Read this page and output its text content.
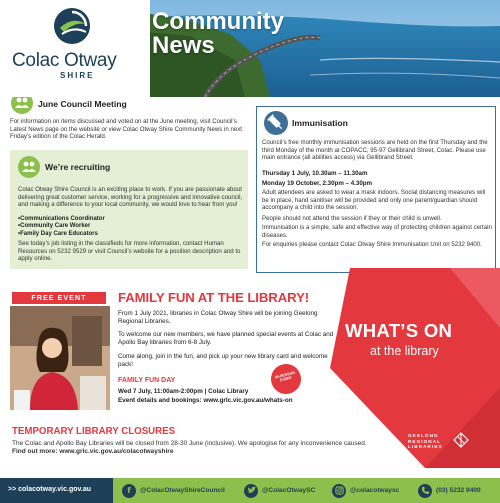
Colac Otway
SHIRE
Community
News
June Council Meeting
For information on items discussed and voted on at the June meeting, visit Council’s Latest News page on the website or view Colac Otway Shire Community News in next Friday’s edition of the Colac Herald.
We’re recruiting
Colac Otway Shire Council is an exciting place to work. If you are passionate about delivering great customer service, working for a progressive and innovative council, and making a difference to your local community, we would love to hear from you!
• Communications Coordinator
• Community Care Worker
• Family Day Care Educators
See today’s job listing in the classifieds for more information, contact Human Resources on 5232 9529 or visit Council’s website for a position description and to apply online.
Immunisation
Council’s free monthly immunisation sessions are held on the first Thursday and the third Monday of the month at COPACC, 95-97 Gellibrand Street, Colac. Please use main entrance (all abilities access) via Gellibrand Street.
Thursday 1 July, 10.30am – 11.30am
Monday 19 October, 2.30pm – 4.30pm
Adult attendees are asked to wear a mask indoors. Social distancing measures will be in place, hand sanitiser will be provided and only one parent/guardian should accompany a child into the session.
People should not attend the session if they or their child is unwell.
Immunisation is a simple, safe and effective way of protecting children against certain diseases.
For enquiries please contact Colac Otway Shire Immunisation Unit on 5232 9400.
FREE EVENT	FAMILY FUN AT THE LIBRARY!
From 1 July 2021, libraries in Colac Otway Shire will be joining Geelong Regional Libraries.
To welcome our new members, we have planned special events at Colac and Apollo Bay libraries from 6-8 July.
Come along, join in the fun, and pick up your new library card and welcome pack!
FAMILY FUN DAY
Wed 7 July, 11:00am-2:00pm | Colac Library
Event details and bookings: www.grlc.vic.gov.au/whats-on
IN-PERSON EVENT
WHAT’S ON
at the library
GEELONG
REGIONAL
LIBRARIES
TEMPORARY LIBRARY CLOSURES
The Colac and Apollo Bay Libraries will be closed from 28-30 June (inclusive). We apologise for any inconvenience caused. Find out more: www.grlc.vic.gov.au/colacotwayshire
>> colacotway.vic.gov.au	f	@ColacOtwayShireCouncil	@ColacOtwaySC	@colacotwaysc	(03) 5232 9400
